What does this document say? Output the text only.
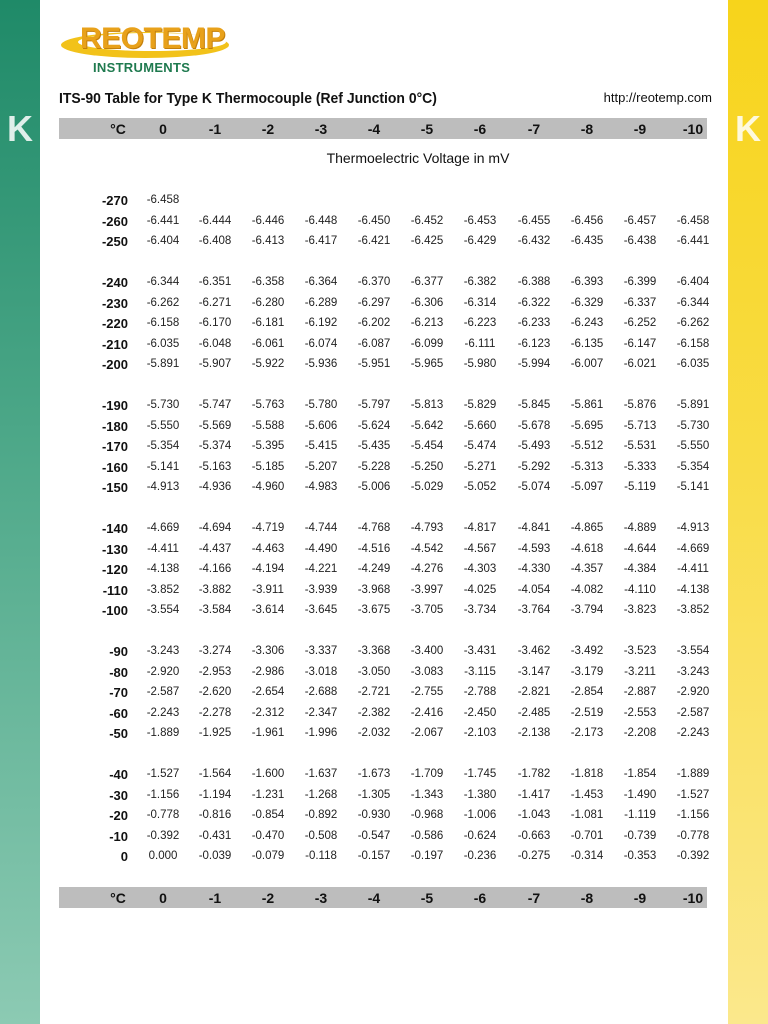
K	K
REOTEMP
INSTRUMENTS
ITS-90 Table for Type K Thermocouple (Ref Junction 0°C)	http://reotemp.com
°C	0	-1	-2	-3	-4	-5	-6	-7	-8	-9	-10
Thermoelectric Voltage in mV
°C	0	-1	-2	-3	-4	-5	-6	-7	-8	-9	-10
-270	-6.458
-260	-6.441	-6.444	-6.446	-6.448	-6.450	-6.452	-6.453	-6.455	-6.456	-6.457	-6.458
-250	-6.404	-6.408	-6.413	-6.417	-6.421	-6.425	-6.429	-6.432	-6.435	-6.438	-6.441
-240	-6.344	-6.351	-6.358	-6.364	-6.370	-6.377	-6.382	-6.388	-6.393	-6.399	-6.404
-230	-6.262	-6.271	-6.280	-6.289	-6.297	-6.306	-6.314	-6.322	-6.329	-6.337	-6.344
-220	-6.158	-6.170	-6.181	-6.192	-6.202	-6.213	-6.223	-6.233	-6.243	-6.252	-6.262
-210	-6.035	-6.048	-6.061	-6.074	-6.087	-6.099	-6.111	-6.123	-6.135	-6.147	-6.158
-200	-5.891	-5.907	-5.922	-5.936	-5.951	-5.965	-5.980	-5.994	-6.007	-6.021	-6.035
-190	-5.730	-5.747	-5.763	-5.780	-5.797	-5.813	-5.829	-5.845	-5.861	-5.876	-5.891
-180	-5.550	-5.569	-5.588	-5.606	-5.624	-5.642	-5.660	-5.678	-5.695	-5.713	-5.730
-170	-5.354	-5.374	-5.395	-5.415	-5.435	-5.454	-5.474	-5.493	-5.512	-5.531	-5.550
-160	-5.141	-5.163	-5.185	-5.207	-5.228	-5.250	-5.271	-5.292	-5.313	-5.333	-5.354
-150	-4.913	-4.936	-4.960	-4.983	-5.006	-5.029	-5.052	-5.074	-5.097	-5.119	-5.141
-140	-4.669	-4.694	-4.719	-4.744	-4.768	-4.793	-4.817	-4.841	-4.865	-4.889	-4.913
-130	-4.411	-4.437	-4.463	-4.490	-4.516	-4.542	-4.567	-4.593	-4.618	-4.644	-4.669
-120	-4.138	-4.166	-4.194	-4.221	-4.249	-4.276	-4.303	-4.330	-4.357	-4.384	-4.411
-110	-3.852	-3.882	-3.911	-3.939	-3.968	-3.997	-4.025	-4.054	-4.082	-4.110	-4.138
-100	-3.554	-3.584	-3.614	-3.645	-3.675	-3.705	-3.734	-3.764	-3.794	-3.823	-3.852
-90	-3.243	-3.274	-3.306	-3.337	-3.368	-3.400	-3.431	-3.462	-3.492	-3.523	-3.554
-80	-2.920	-2.953	-2.986	-3.018	-3.050	-3.083	-3.115	-3.147	-3.179	-3.211	-3.243
-70	-2.587	-2.620	-2.654	-2.688	-2.721	-2.755	-2.788	-2.821	-2.854	-2.887	-2.920
-60	-2.243	-2.278	-2.312	-2.347	-2.382	-2.416	-2.450	-2.485	-2.519	-2.553	-2.587
-50	-1.889	-1.925	-1.961	-1.996	-2.032	-2.067	-2.103	-2.138	-2.173	-2.208	-2.243
-40	-1.527	-1.564	-1.600	-1.637	-1.673	-1.709	-1.745	-1.782	-1.818	-1.854	-1.889
-30	-1.156	-1.194	-1.231	-1.268	-1.305	-1.343	-1.380	-1.417	-1.453	-1.490	-1.527
-20	-0.778	-0.816	-0.854	-0.892	-0.930	-0.968	-1.006	-1.043	-1.081	-1.119	-1.156
-10	-0.392	-0.431	-0.470	-0.508	-0.547	-0.586	-0.624	-0.663	-0.701	-0.739	-0.778
0	0.000	-0.039	-0.079	-0.118	-0.157	-0.197	-0.236	-0.275	-0.314	-0.353	-0.392
